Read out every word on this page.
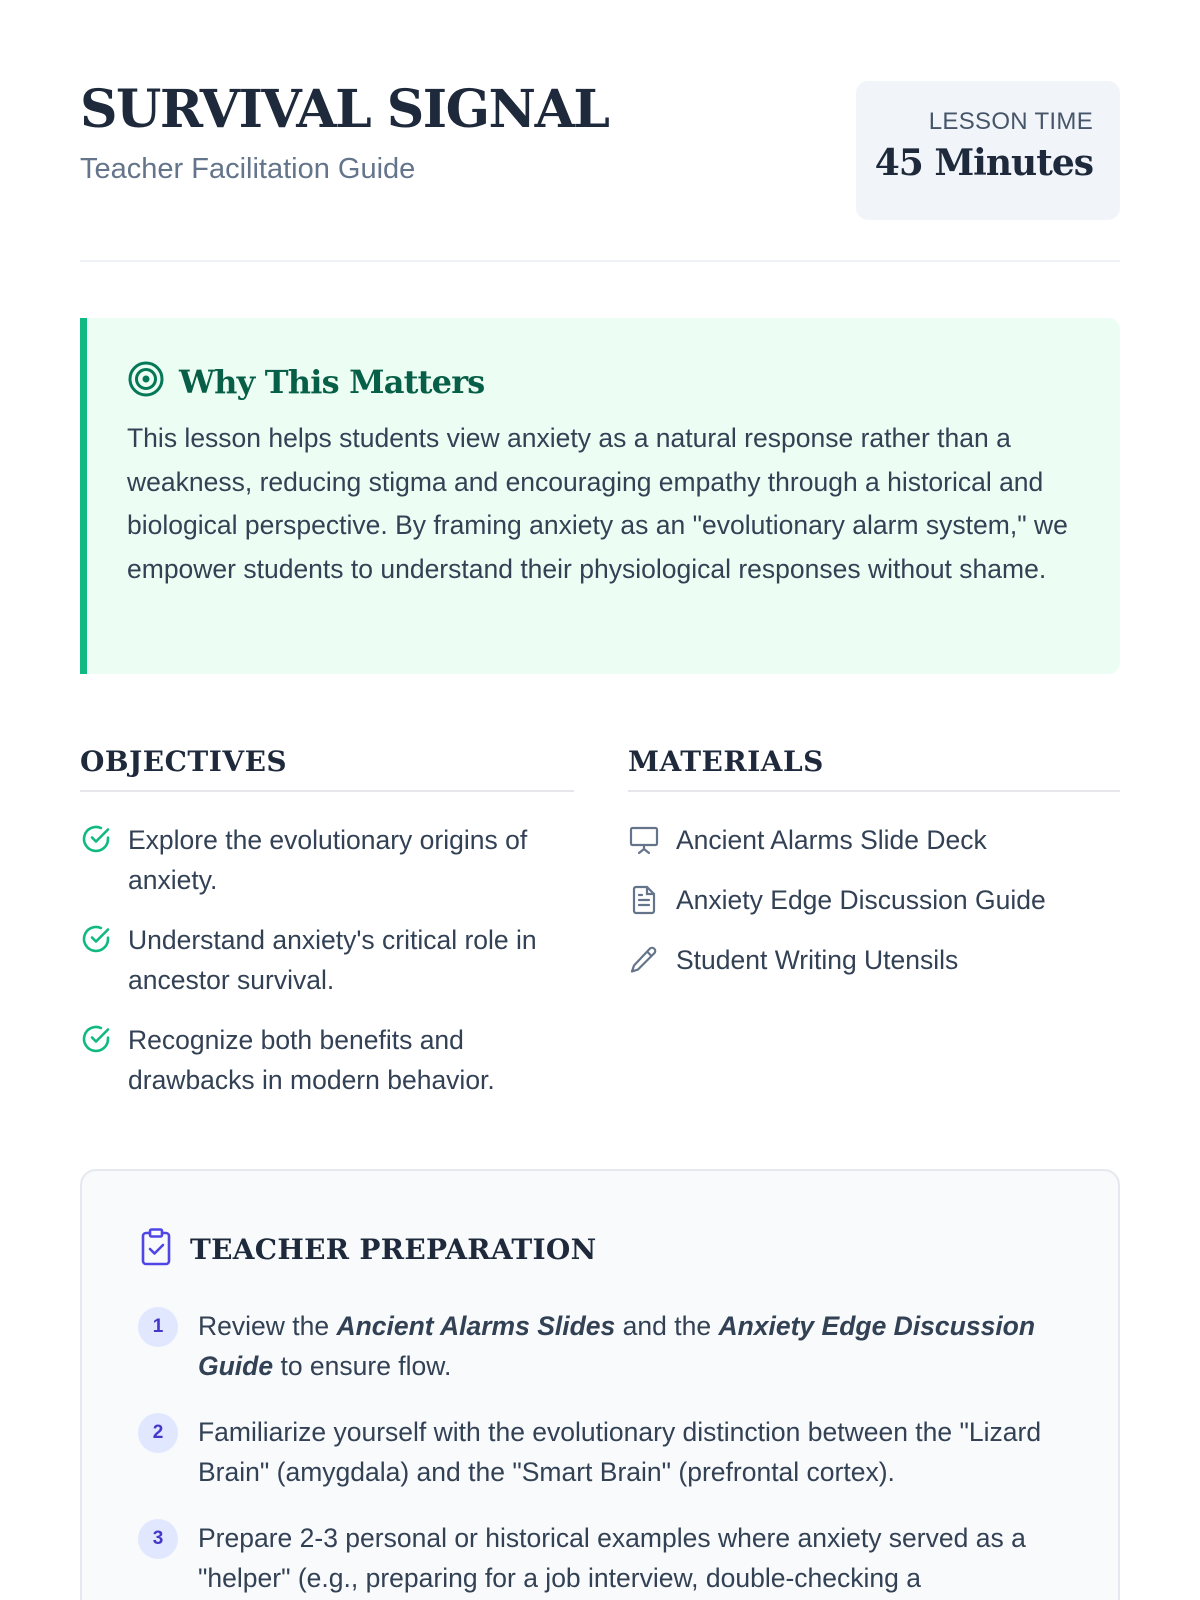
SURVIVAL SIGNAL
Teacher Facilitation Guide
LESSON TIME
45 Minutes
Why This Matters

This lesson helps students view anxiety as a natural response rather than a weakness, reducing stigma and encouraging empathy through a historical and biological perspective. By framing anxiety as an "evolutionary alarm system," we empower students to understand their physiological responses without shame.

OBJECTIVES
Explore the evolutionary origins of anxiety.
Understand anxiety's critical role in ancestor survival.
Recognize both benefits and drawbacks in modern behavior.
MATERIALS
Ancient Alarms Slide Deck
Anxiety Edge Discussion Guide
Student Writing Utensils
TEACHER PREPARATION
1	Review the Ancient Alarms Slides and the Anxiety Edge Discussion Guide to ensure flow.

2	Familiarize yourself with the evolutionary distinction between the "Lizard Brain" (amygdala) and the "Smart Brain" (prefrontal cortex).

3	Prepare 2-3 personal or historical examples where anxiety served as a "helper" (e.g., preparing for a job interview, double-checking a
